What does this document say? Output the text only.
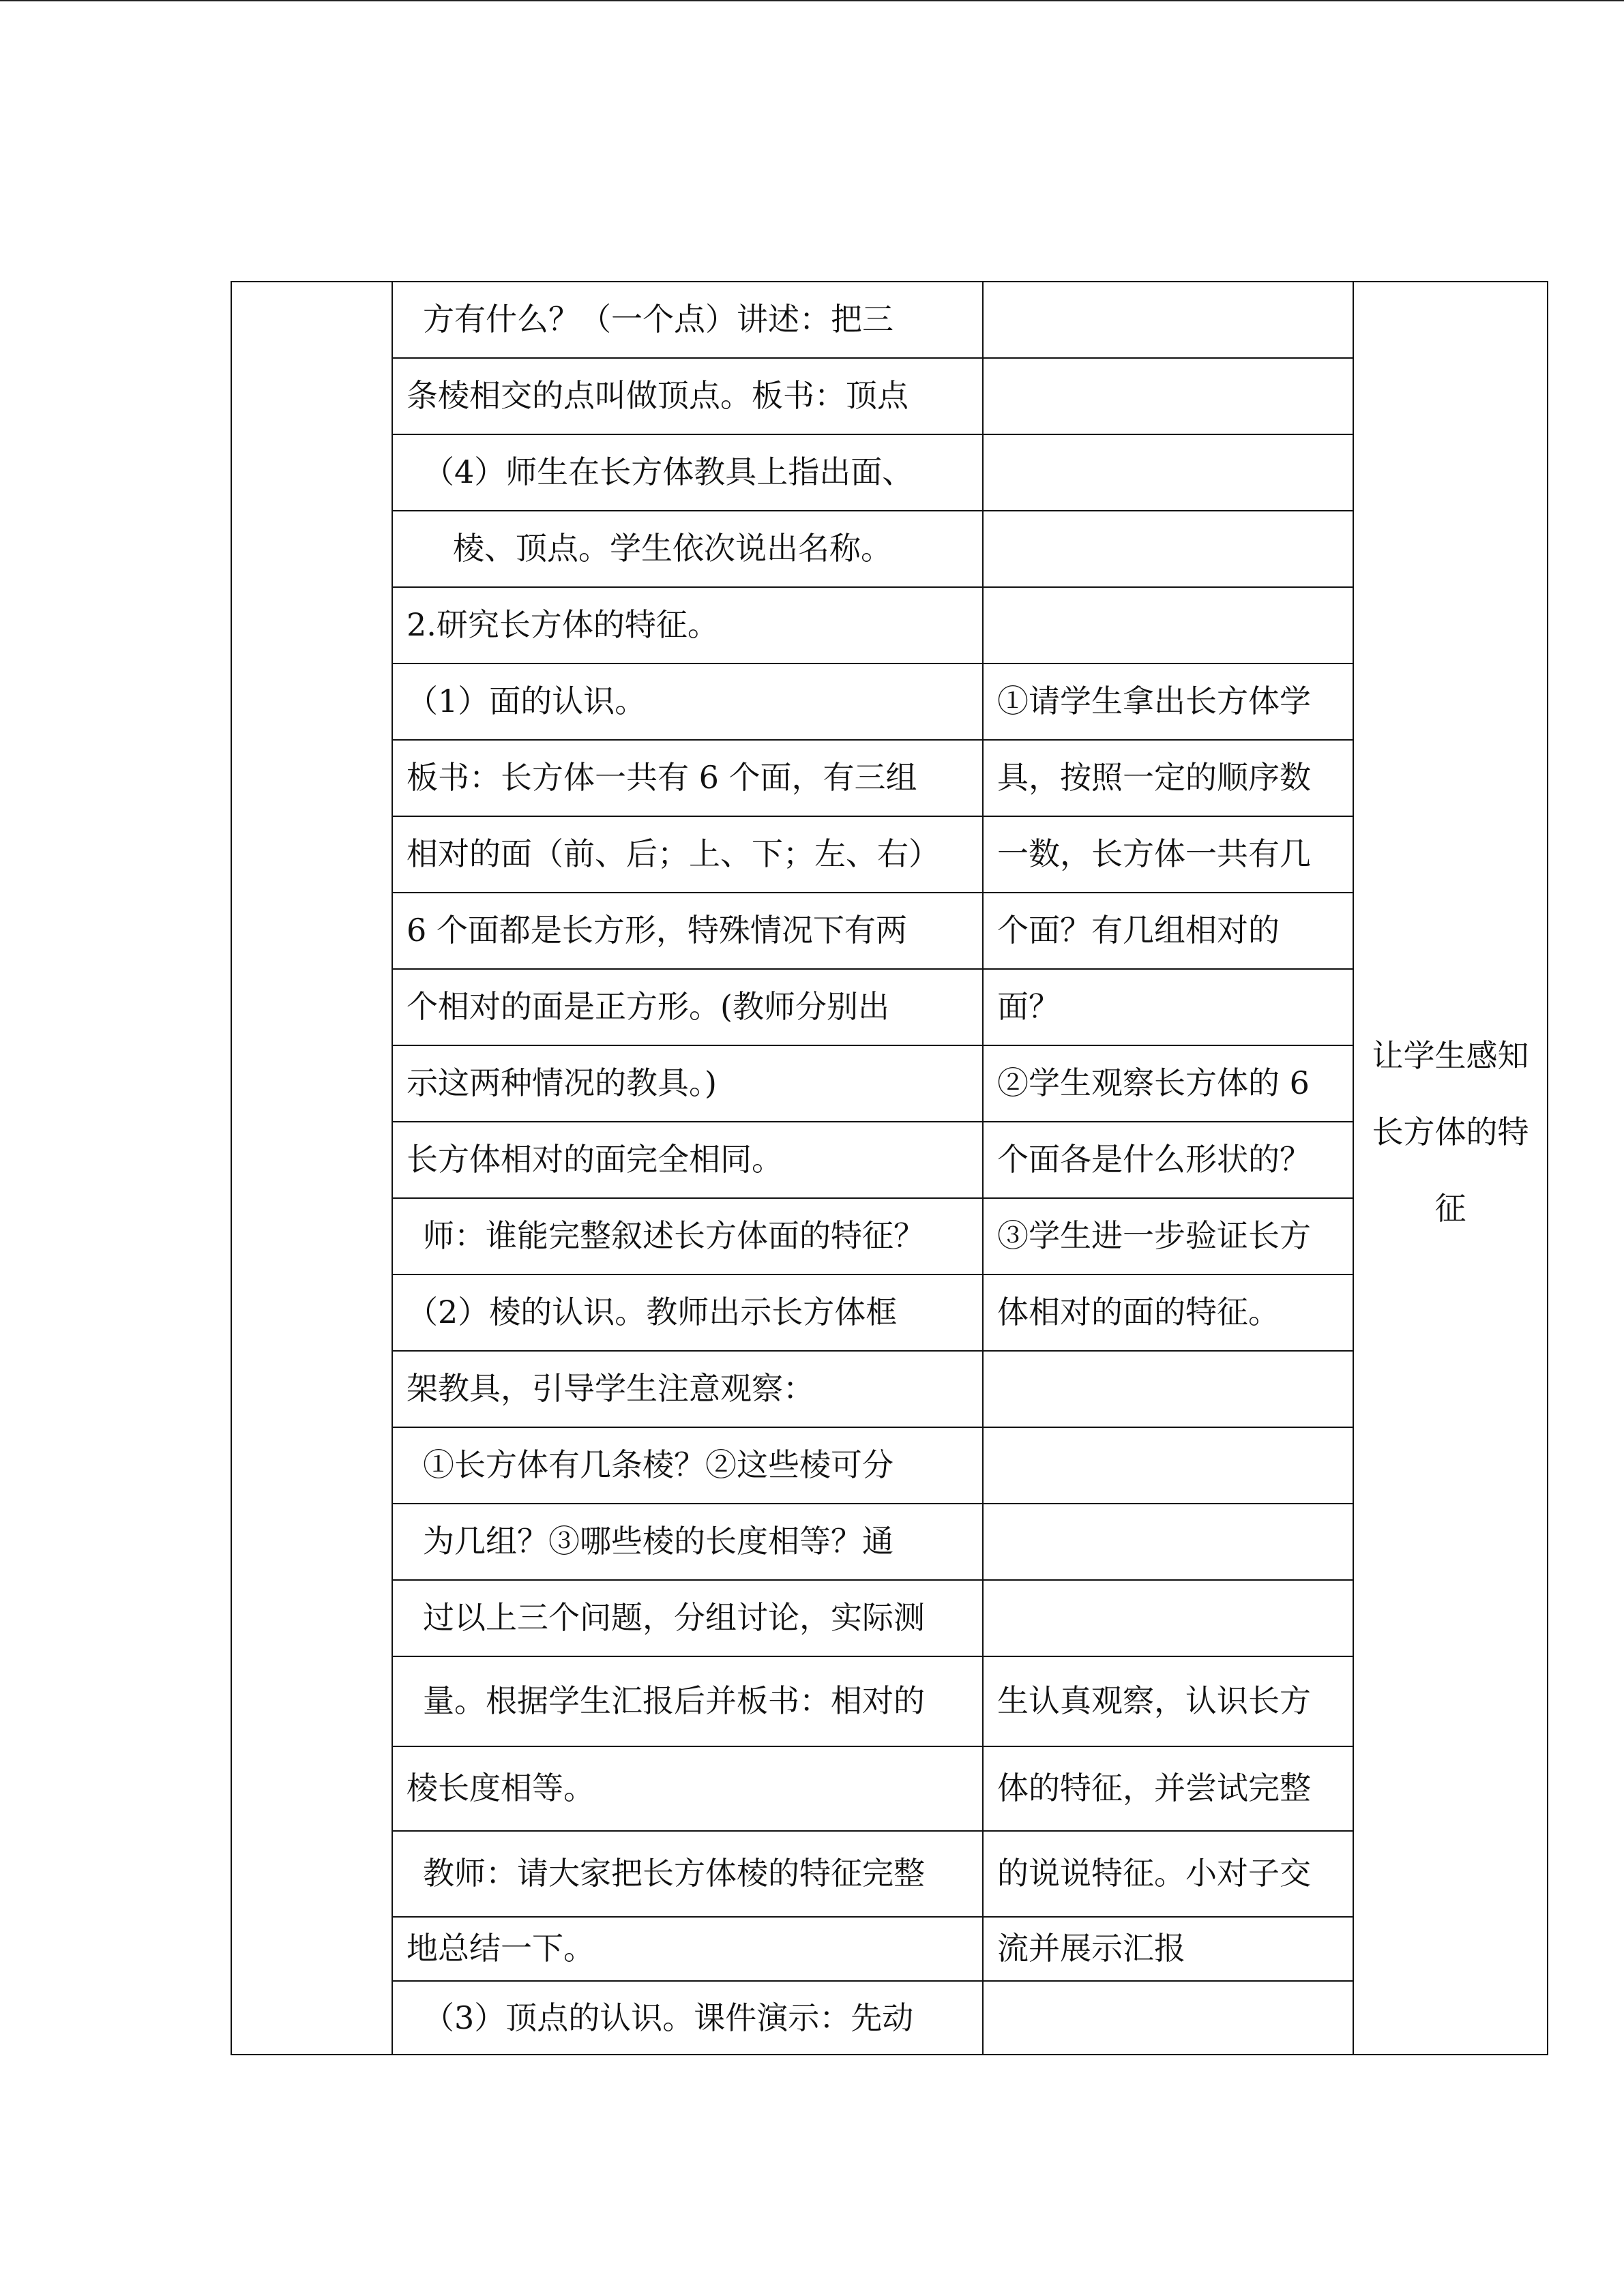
方有什么？（一个点）讲述：把三
条棱相交的点叫做顶点。板书：顶点
（4）师生在长方体教具上指出面、
棱、顶点。学生依次说出名称。
2.研究长方体的特征。
（1）面的认识。
板书：长方体一共有 6 个面，有三组
相对的面（前、后；上、下；左、右）
6 个面都是长方形，特殊情况下有两
个相对的面是正方形。(教师分别出
示这两种情况的教具。)
长方体相对的面完全相同。
师：谁能完整叙述长方体面的特征？
（2）棱的认识。教师出示长方体框
架教具，引导学生注意观察：
①长方体有几条棱？②这些棱可分
为几组？③哪些棱的长度相等？通
过以上三个问题，分组讨论，实际测
量。根据学生汇报后并板书：相对的
棱长度相等。
教师：请大家把长方体棱的特征完整
地总结一下。
（3）顶点的认识。课件演示：先动
①请学生拿出长方体学
具，按照一定的顺序数
一数，长方体一共有几
个面？有几组相对的
面？
②学生观察长方体的 6
个面各是什么形状的？
③学生进一步验证长方
体相对的面的特征。
生认真观察，认识长方
体的特征，并尝试完整
的说说特征。小对子交
流并展示汇报
让学生感知
长方体的特
征
